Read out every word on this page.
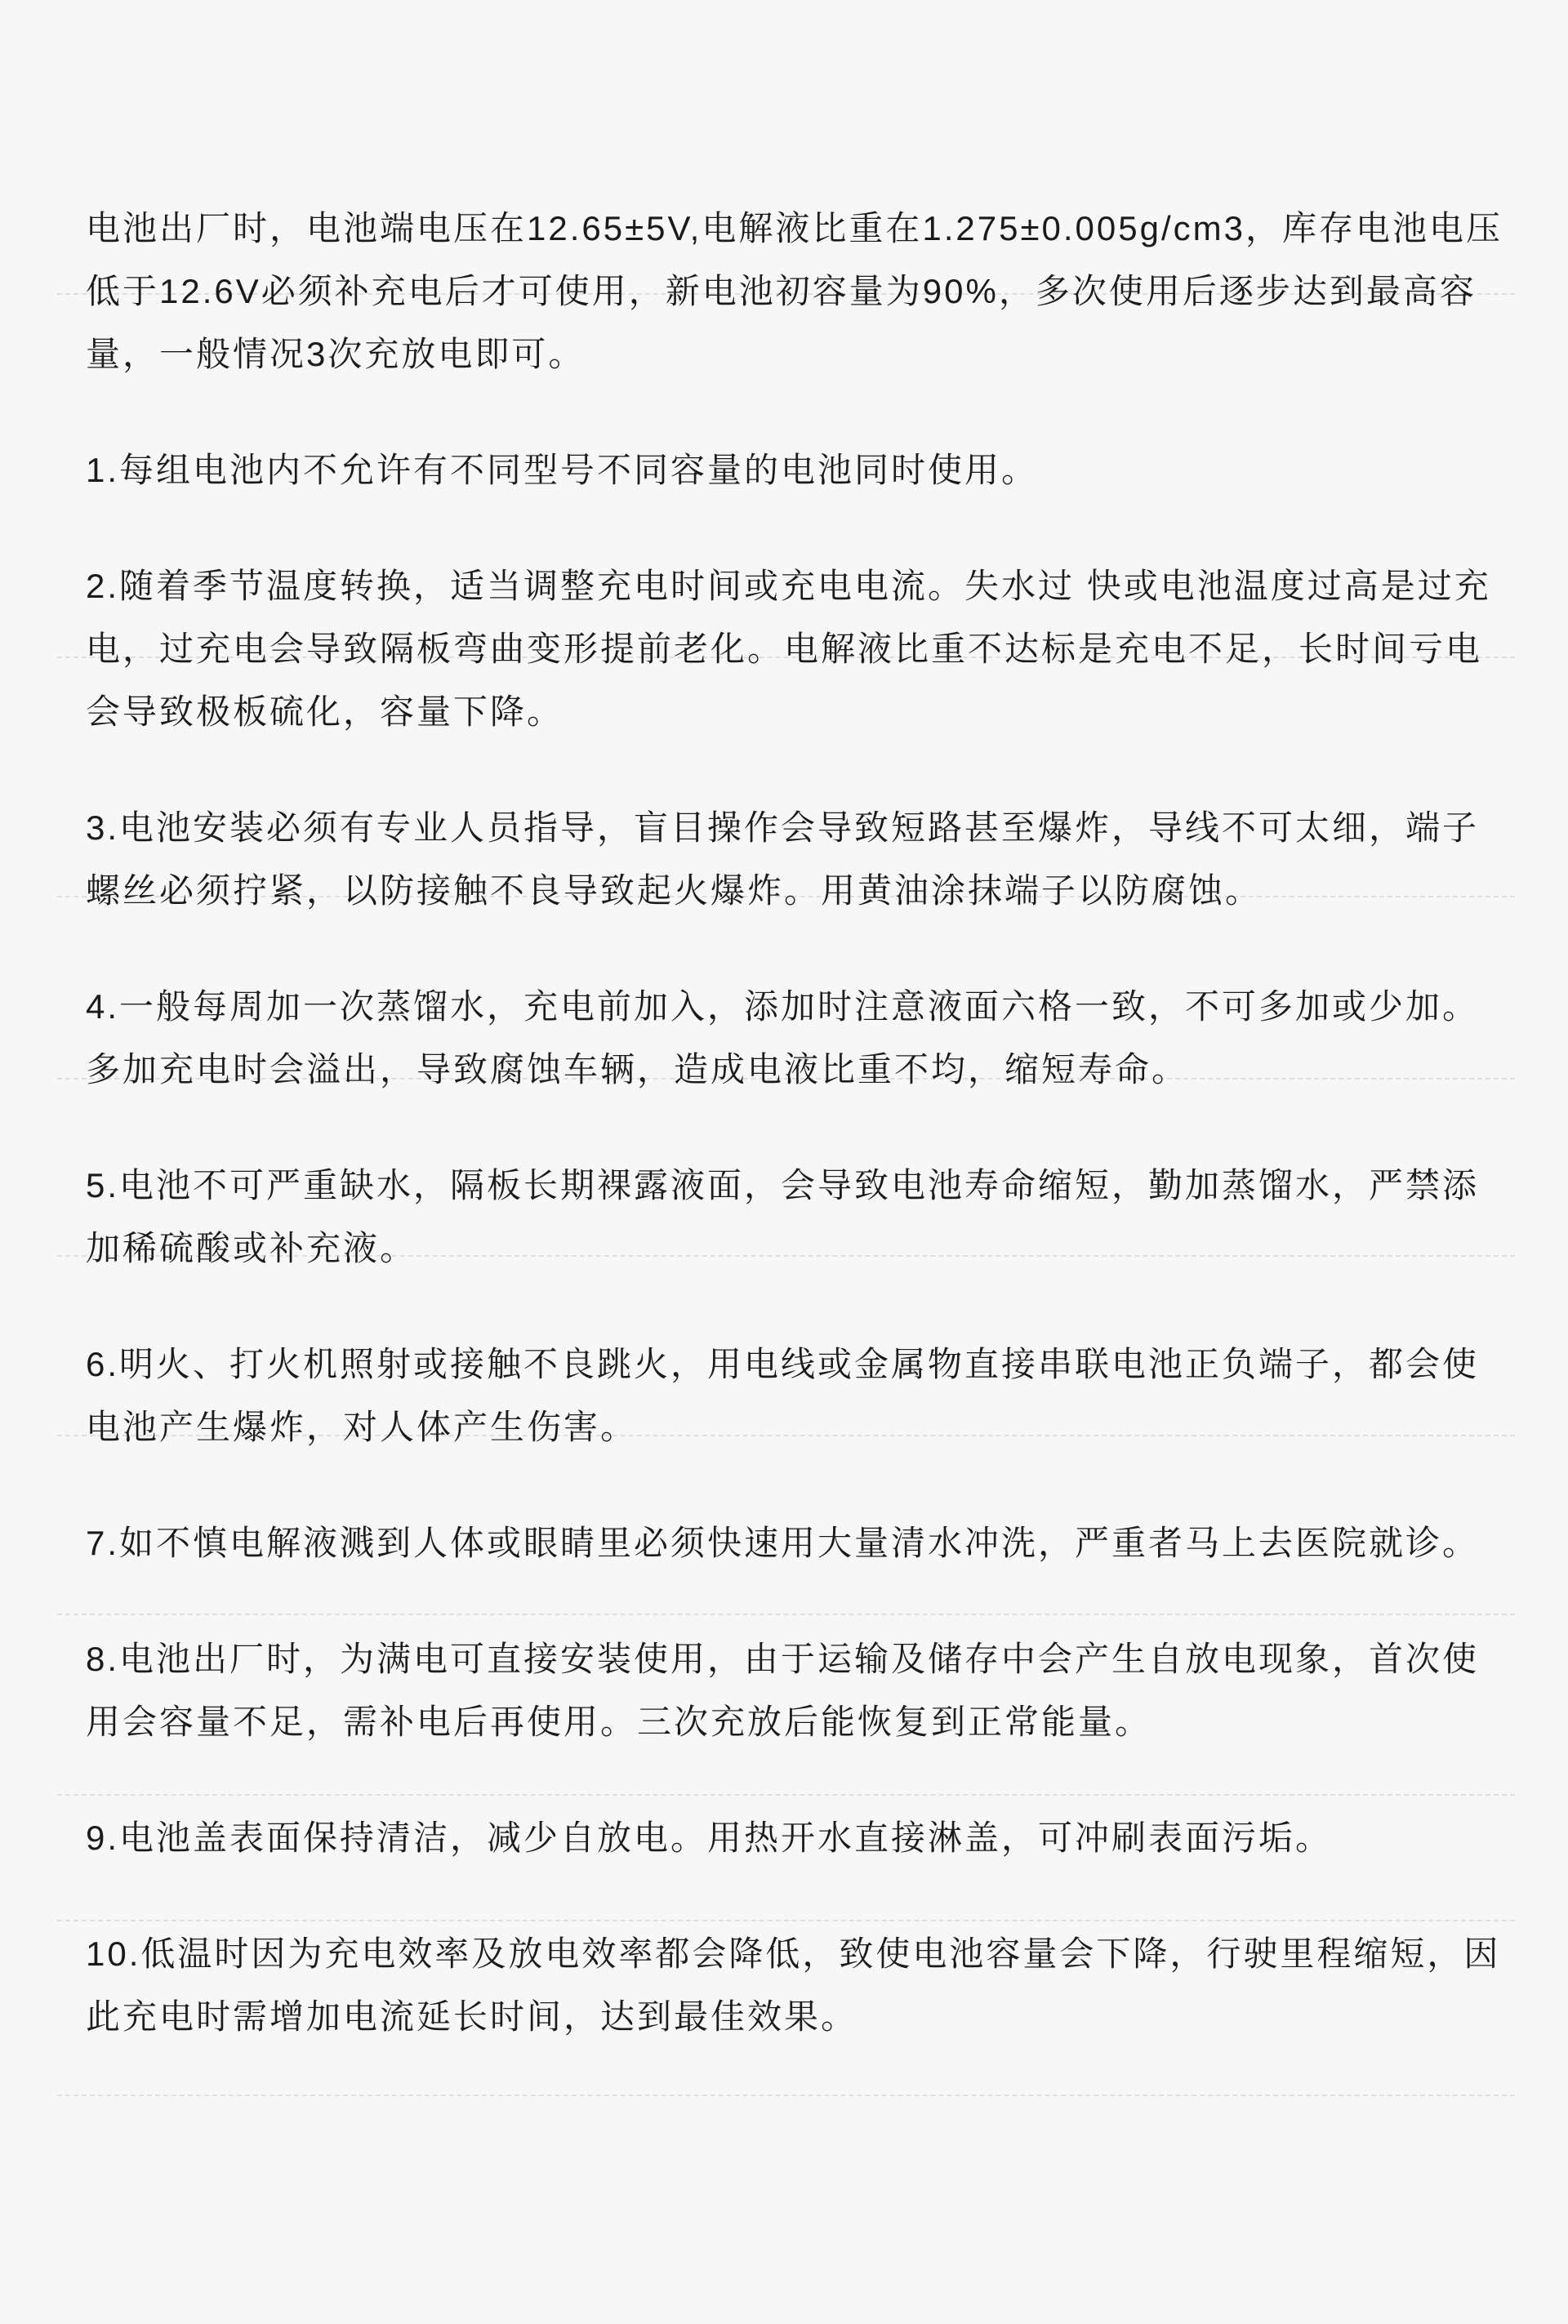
电池出厂时，电池端电压在12.65±5V,电解液比重在1.275±0.005g/cm3，库存电池电压低于12.6V必须补充电后才可使用，新电池初容量为90%，多次使用后逐步达到最高容量，一般情况3次充放电即可。

1.每组电池内不允许有不同型号不同容量的电池同时使用。

2.随着季节温度转换，适当调整充电时间或充电电流。失水过 快或电池温度过高是过充电，过充电会导致隔板弯曲变形提前老化。电解液比重不达标是充电不足，长时间亏电会导致极板硫化，容量下降。

3.电池安装必须有专业人员指导，盲目操作会导致短路甚至爆炸，导线不可太细，端子螺丝必须拧紧，以防接触不良导致起火爆炸。用黄油涂抹端子以防腐蚀。

4.一般每周加一次蒸馏水，充电前加入，添加时注意液面六格一致，不可多加或少加。多加充电时会溢出，导致腐蚀车辆，造成电液比重不均，缩短寿命。

5.电池不可严重缺水，隔板长期裸露液面，会导致电池寿命缩短，勤加蒸馏水，严禁添加稀硫酸或补充液。

6.明火、打火机照射或接触不良跳火，用电线或金属物直接串联电池正负端子，都会使电池产生爆炸，对人体产生伤害。

7.如不慎电解液溅到人体或眼睛里必须快速用大量清水冲洗，严重者马上去医院就诊。

8.电池出厂时，为满电可直接安装使用，由于运输及储存中会产生自放电现象，首次使用会容量不足，需补电后再使用。三次充放后能恢复到正常能量。

9.电池盖表面保持清洁，减少自放电。用热开水直接淋盖，可冲刷表面污垢。

10.低温时因为充电效率及放电效率都会降低，致使电池容量会下降，行驶里程缩短，因此充电时需增加电流延长时间，达到最佳效果。
